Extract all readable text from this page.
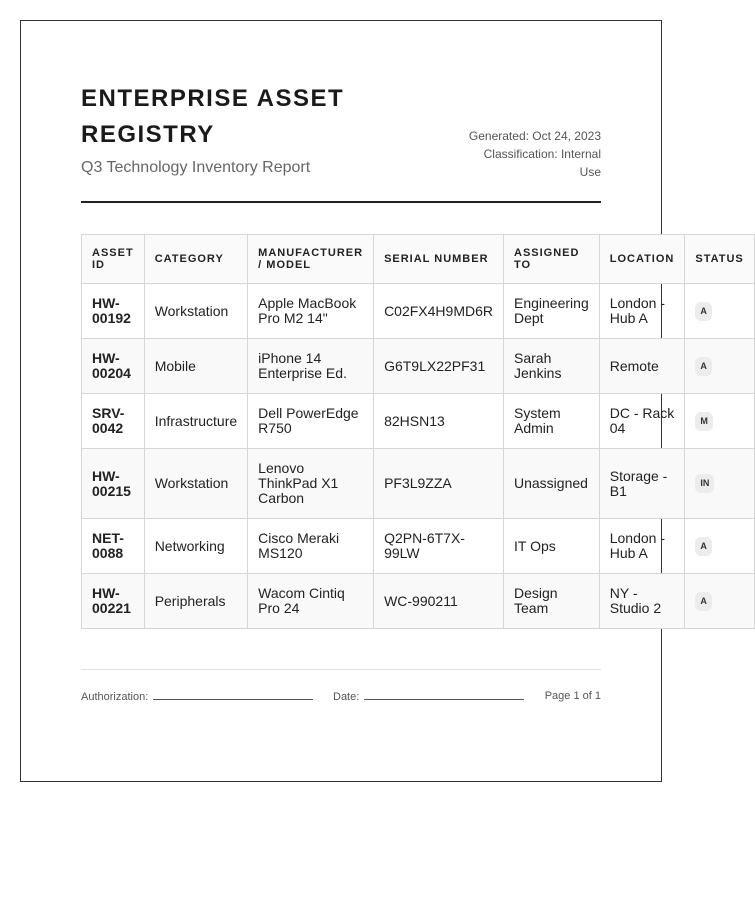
ENTERPRISE ASSET REGISTRY
Q3 Technology Inventory Report
Generated: Oct 24, 2023
Classification: Internal Use
ASSET ID	CATEGORY	MANUFACTURER / MODEL	SERIAL NUMBER	ASSIGNED TO	LOCATION	STATUS
HW-00192	Workstation	Apple MacBook Pro M2 14"	C02FX4H9MD6R	Engineering Dept	London - Hub A	A
HW-00204	Mobile	iPhone 14 Enterprise Ed.	G6T9LX22PF31	Sarah Jenkins	Remote	A
SRV-0042	Infrastructure	Dell PowerEdge R750	82HSN13	System Admin	DC - Rack 04	M
HW-00215	Workstation	Lenovo ThinkPad X1 Carbon	PF3L9ZZA	Unassigned	Storage - B1	IN
NET-0088	Networking	Cisco Meraki MS120	Q2PN-6T7X-99LW	IT Ops	London - Hub A	A
HW-00221	Peripherals	Wacom Cintiq Pro 24	WC-990211	Design Team	NY - Studio 2	A
Authorization:	Date:	Page 1 of 1
